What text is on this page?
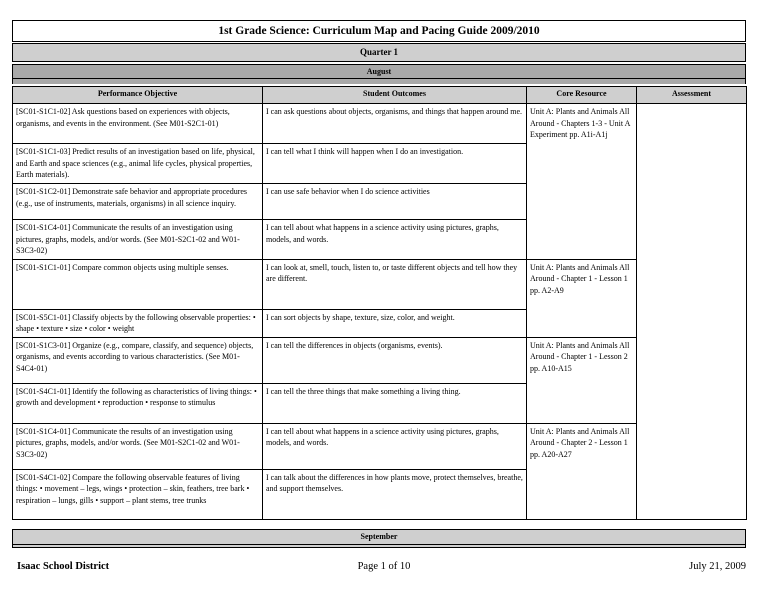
1st Grade Science: Curriculum Map and Pacing Guide 2009/2010
Quarter 1
August
Performance Objective	Student Outcomes	Core Resource	Assessment
[SC01-S1C1-02] Ask questions based on experiences with objects, organisms, and events in the environment. (See M01-S2C1-01)	I can ask questions about objects, organisms, and things that happen around me.	Unit A: Plants and Animals All Around - Chapters 1-3 - Unit A Experiment pp. A1i-A1j	
[SC01-S1C1-03] Predict results of an investigation based on life, physical, and Earth and space sciences (e.g., animal life cycles, physical properties, Earth materials).	I can tell what I think will happen when I do an investigation.		
[SC01-S1C2-01] Demonstrate safe behavior and appropriate procedures (e.g., use of instruments, materials, organisms) in all science inquiry.	I can use safe behavior when I do science activities		
[SC01-S1C4-01] Communicate the results of an investigation using pictures, graphs, models, and/or words. (See M01-S2C1-02 and W01-S3C3-02)	I can tell about what happens in a science activity using pictures, graphs, models, and words.		
[SC01-S1C1-01] Compare common objects using multiple senses.	I can look at, smell, touch, listen to, or taste different objects and tell how they are different.	Unit A: Plants and Animals All Around - Chapter 1 - Lesson 1 pp. A2-A9	
[SC01-S5C1-01] Classify objects by the following observable properties: • shape • texture • size • color • weight	I can sort objects by shape, texture, size, color, and weight.		
[SC01-S1C3-01] Organize (e.g., compare, classify, and sequence) objects, organisms, and events according to various characteristics. (See M01-S4C4-01)	I can tell the differences in objects (organisms, events).	Unit A: Plants and Animals All Around - Chapter 1 - Lesson 2 pp. A10-A15	
[SC01-S4C1-01] Identify the following as characteristics of living things: • growth and development • reproduction • response to stimulus	I can tell the three things that make something a living thing.		
[SC01-S1C4-01] Communicate the results of an investigation using pictures, graphs, models, and/or words. (See M01-S2C1-02 and W01-S3C3-02)	I can tell about what happens in a science activity using pictures, graphs, models, and words.	Unit A: Plants and Animals All Around - Chapter 2 - Lesson 1 pp. A20-A27	
[SC01-S4C1-02] Compare the following observable features of living things: • movement – legs, wings • protection – skin, feathers, tree bark • respiration – lungs, gills • support – plant stems, tree trunks	I can talk about the differences in how plants move, protect themselves, breathe, and support themselves.		
September
Isaac School District	Page 1 of 10	July 21, 2009
